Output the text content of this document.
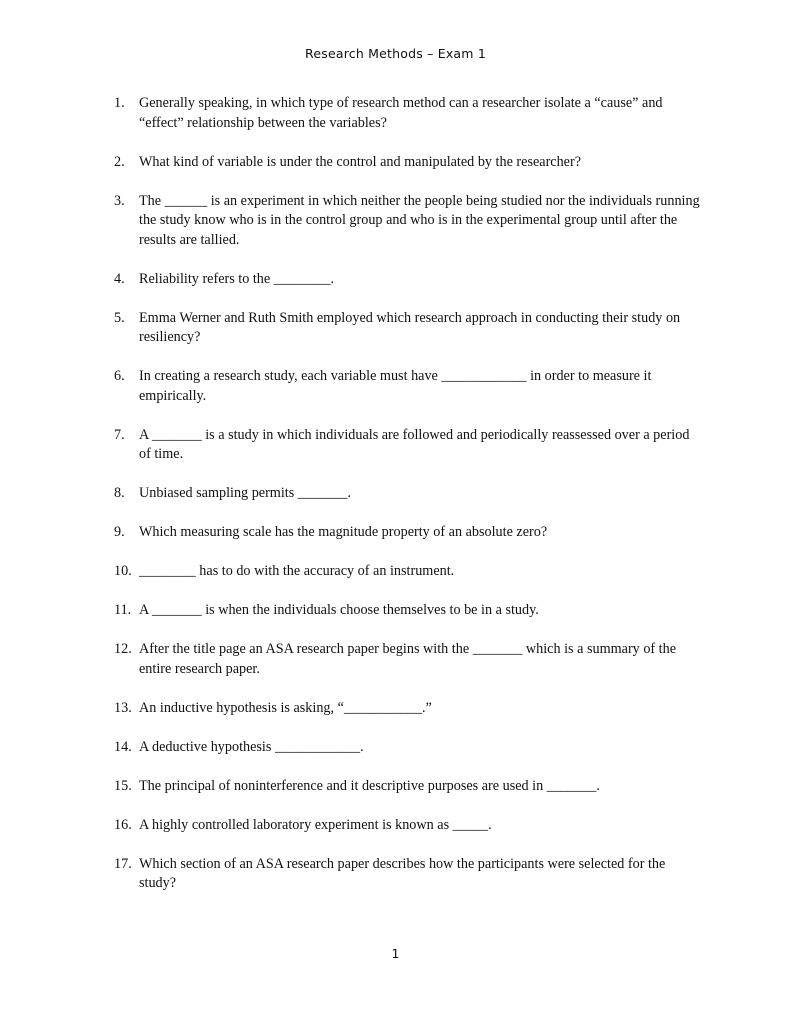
Research Methods – Exam 1
1.	Generally speaking, in which type of research method can a researcher isolate a “cause” and “effect” relationship between the variables?
2.	What kind of variable is under the control and manipulated by the researcher?
3.	The ______ is an experiment in which neither the people being studied nor the individuals running the study know who is in the control group and who is in the experimental group until after the results are tallied.
4.	Reliability refers to the ________.
5.	Emma Werner and Ruth Smith employed which research approach in conducting their study on resiliency?
6.	In creating a research study, each variable must have ____________ in order to measure it empirically.
7.	A _______ is a study in which individuals are followed and periodically reassessed over a period of time.
8.	Unbiased sampling permits _______.
9.	Which measuring scale has the magnitude property of an absolute zero?
10. ________ has to do with the accuracy of an instrument.
11. A _______ is when the individuals choose themselves to be in a study.
12. After the title page an ASA research paper begins with the _______ which is a summary of the entire research paper.
13. An inductive hypothesis is asking, “___________.”
14. A deductive hypothesis ____________.
15. The principal of noninterference and it descriptive purposes are used in _______.
16. A highly controlled laboratory experiment is known as _____.
17. Which section of an ASA research paper describes how the participants were selected for the study?
1
